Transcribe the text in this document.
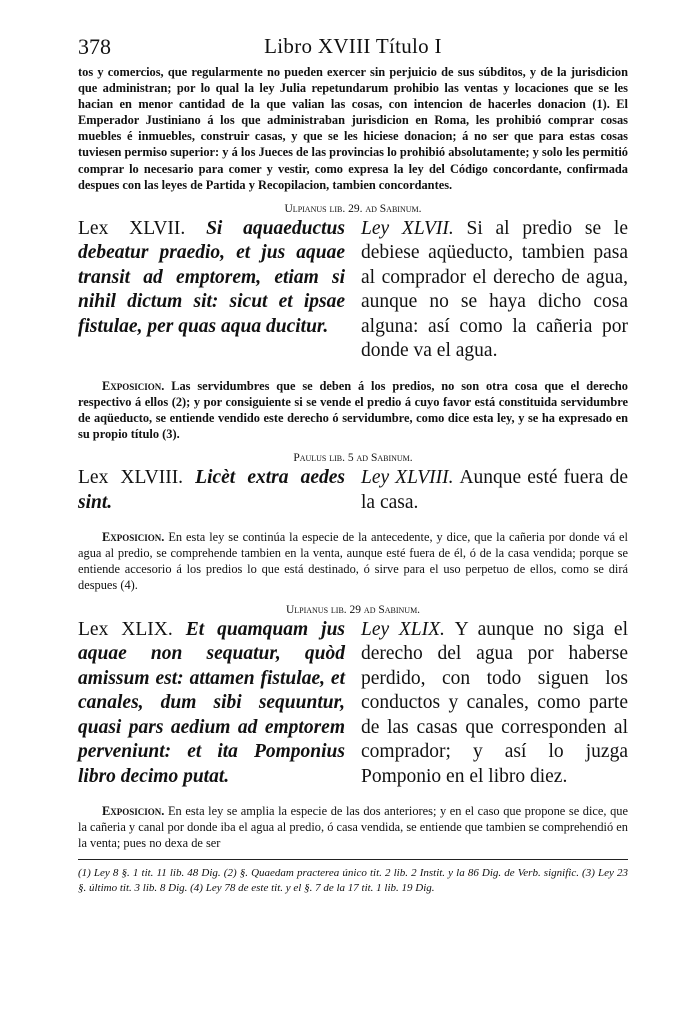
378	Libro XVIII Título I
tos y comercios, que regularmente no pueden exercer sin perjuicio de sus súbditos, y de la jurisdicion que administran; por lo qual la ley Julia repetundarum prohibio las ventas y locaciones que se les hacian en menor cantidad de la que valian las cosas, con intencion de hacerles donacion (1). El Emperador Justiniano á los que administraban jurisdicion en Roma, les prohibió comprar cosas muebles é inmuebles, construir casas, y que se les hiciese donacion; á no ser que para estas cosas tuviesen permiso superior: y á los Jueces de las provincias lo prohibió absolutamente; y solo les permitió comprar lo necesario para comer y vestir, como expresa la ley del Código concordante, confirmada despues con las leyes de Partida y Recopilacion, tambien concordantes.
Ulpianus lib. 29. ad Sabinum.
Lex XLVII. Si aquaeductus debeatur praedio, et jus aquae transit ad emptorem, etiam si nihil dictum sit: sicut et ipsae fistulae, per quas aqua ducitur.
Ley XLVII. Si al predio se le debiese aqüeducto, tambien pasa al comprador el derecho de agua, aunque no se haya dicho cosa alguna: así como la cañeria por donde va el agua.
Exposicion. Las servidumbres que se deben á los predios, no son otra cosa que el derecho respectivo á ellos (2); y por consiguiente si se vende el predio á cuyo favor está constituida servidumbre de aqüeducto, se entiende vendido este derecho ó servidumbre, como dice esta ley, y se ha expresado en su propio título (3).
Paulus lib. 5 ad Sabinum.
Lex XLVIII. Licèt extra aedes sint.
Ley XLVIII. Aunque esté fuera de la casa.
Exposicion. En esta ley se continúa la especie de la antecedente, y dice, que la cañeria por donde vá el agua al predio, se comprehende tambien en la venta, aunque esté fuera de él, ó de la casa vendida; porque se entiende accesorio á los predios lo que está destinado, ó sirve para el uso perpetuo de ellos, como se dirá despues (4).
Ulpianus lib. 29 ad Sabinum.
Lex XLIX. Et quamquam jus aquae non sequatur, quòd amissum est: attamen fistulae, et canales, dum sibi sequuntur, quasi pars aedium ad emptorem perveniunt: et ita Pomponius libro decimo putat.
Ley XLIX. Y aunque no siga el derecho del agua por haberse perdido, con todo siguen los conductos y canales, como parte de las casas que corresponden al comprador; y así lo juzga Pomponio en el libro diez.
Exposicion. En esta ley se amplia la especie de las dos anteriores; y en el caso que propone se dice, que la cañeria y canal por donde iba el agua al predio, ó casa vendida, se entiende que tambien se comprehendió en la venta; pues no dexa de ser
(1) Ley 8 §. 1 tit. 11 lib. 48 Dig. (2) §. Quaedam practerea único tit. 2 lib. 2 Instit. y la 86 Dig. de Verb. signific. (3) Ley 23 §. último tit. 3 lib. 8 Dig. (4) Ley 78 de este tit. y el §. 7 de la 17 tit. 1 lib. 19 Dig.
